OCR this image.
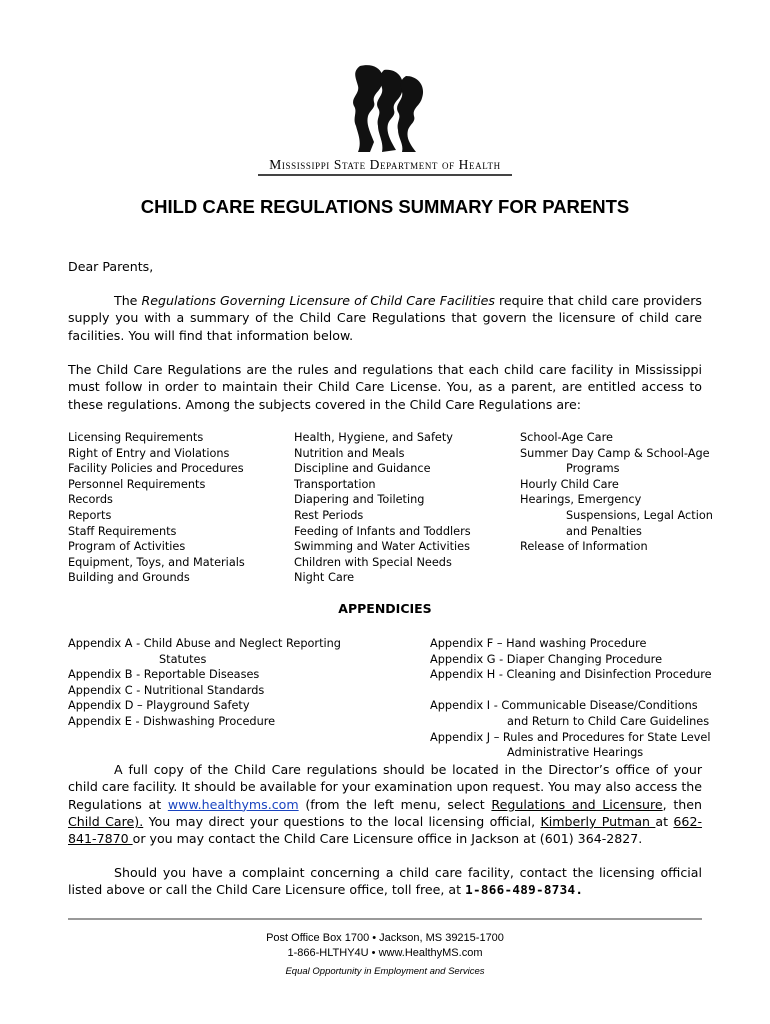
Mississippi State Department of Health
CHILD CARE REGULATIONS SUMMARY FOR PARENTS
Dear Parents,
The Regulations Governing Licensure of Child Care Facilities require that child care providers supply you with a summary of the Child Care Regulations that govern the licensure of child care facilities. You will find that information below.
The Child Care Regulations are the rules and regulations that each child care facility in Mississippi must follow in order to maintain their Child Care License. You, as a parent, are entitled access to these regulations. Among the subjects covered in the Child Care Regulations are:
Licensing Requirements
Right of Entry and Violations
Facility Policies and Procedures
Personnel Requirements
Records
Reports
Staff Requirements
Program of Activities
Equipment, Toys, and Materials
Building and Grounds
Health, Hygiene, and Safety
Nutrition and Meals
Discipline and Guidance
Transportation
Diapering and Toileting
Rest Periods
Feeding of Infants and Toddlers
Swimming and Water Activities
Children with Special Needs
Night Care
School-Age Care
Summer Day Camp & School-Age
Programs
Hourly Child Care
Hearings, Emergency
Suspensions, Legal Action
and Penalties
Release of Information
APPENDICIES
Appendix A - Child Abuse and Neglect Reporting
Statutes
Appendix B - Reportable Diseases
Appendix C - Nutritional Standards
Appendix D – Playground Safety
Appendix E - Dishwashing Procedure
Appendix F – Hand washing Procedure
Appendix G - Diaper Changing Procedure
Appendix H - Cleaning and Disinfection Procedure
Appendix I - Communicable Disease/Conditions
and Return to Child Care Guidelines
Appendix J – Rules and Procedures for State Level
Administrative Hearings
A full copy of the Child Care regulations should be located in the Director’s office of your child care facility. It should be available for your examination upon request. You may also access the Regulations at www.healthyms.com (from the left menu, select Regulations and Licensure, then Child Care). You may direct your questions to the local licensing official, Kimberly Putman at 662-841-7870 or you may contact the Child Care Licensure office in Jackson at (601) 364-2827.
Should you have a complaint concerning a child care facility, contact the licensing official listed above or call the Child Care Licensure office, toll free, at 1-866-489-8734.
Post Office Box 1700 • Jackson, MS 39215-1700
1-866-HLTHY4U • www.HealthyMS.com
Equal Opportunity in Employment and Services
